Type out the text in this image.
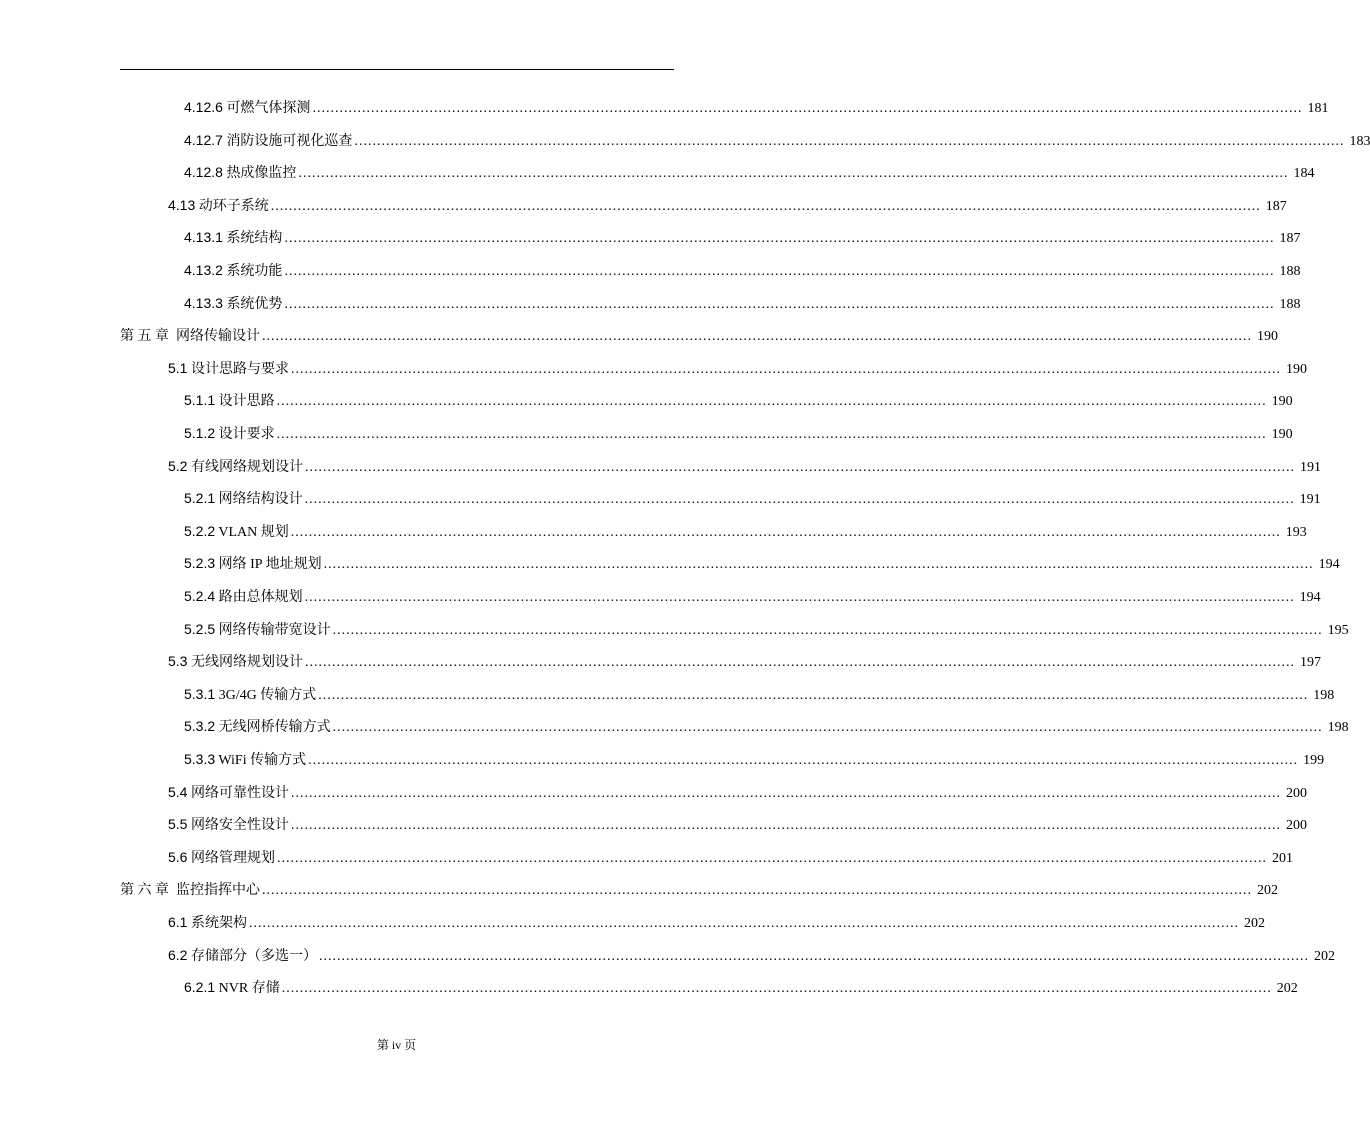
4.12.6 可燃气体探测 ............................................................................................................................................................................................................................ 181
4.12.7 消防设施可视化巡查 ............................................................................................................................................................................................................................ 183
4.12.8 热成像监控 ............................................................................................................................................................................................................................ 184
4.13 动环子系统 ............................................................................................................................................................................................................................ 187
4.13.1 系统结构 ............................................................................................................................................................................................................................ 187
4.13.2 系统功能 ............................................................................................................................................................................................................................ 188
4.13.3 系统优势 ............................................................................................................................................................................................................................ 188
第 五 章 网络传输设计 ............................................................................................................................................................................................................................ 190
5.1 设计思路与要求 ............................................................................................................................................................................................................................ 190
5.1.1 设计思路 ............................................................................................................................................................................................................................ 190
5.1.2 设计要求 ............................................................................................................................................................................................................................ 190
5.2 有线网络规划设计 ............................................................................................................................................................................................................................ 191
5.2.1 网络结构设计 ............................................................................................................................................................................................................................ 191
5.2.2 VLAN 规划 ............................................................................................................................................................................................................................ 193
5.2.3 网络 IP 地址规划 ............................................................................................................................................................................................................................ 194
5.2.4 路由总体规划 ............................................................................................................................................................................................................................ 194
5.2.5 网络传输带宽设计 ............................................................................................................................................................................................................................ 195
5.3 无线网络规划设计 ............................................................................................................................................................................................................................ 197
5.3.1 3G/4G 传输方式 ............................................................................................................................................................................................................................ 198
5.3.2 无线网桥传输方式 ............................................................................................................................................................................................................................ 198
5.3.3 WiFi 传输方式 ............................................................................................................................................................................................................................ 199
5.4 网络可靠性设计 ............................................................................................................................................................................................................................ 200
5.5 网络安全性设计 ............................................................................................................................................................................................................................ 200
5.6 网络管理规划 ............................................................................................................................................................................................................................ 201
第 六 章 监控指挥中心 ............................................................................................................................................................................................................................ 202
6.1 系统架构 ............................................................................................................................................................................................................................ 202
6.2 存储部分（多选一） ............................................................................................................................................................................................................................ 202
6.2.1 NVR 存储 ............................................................................................................................................................................................................................ 202
第 iv 页
